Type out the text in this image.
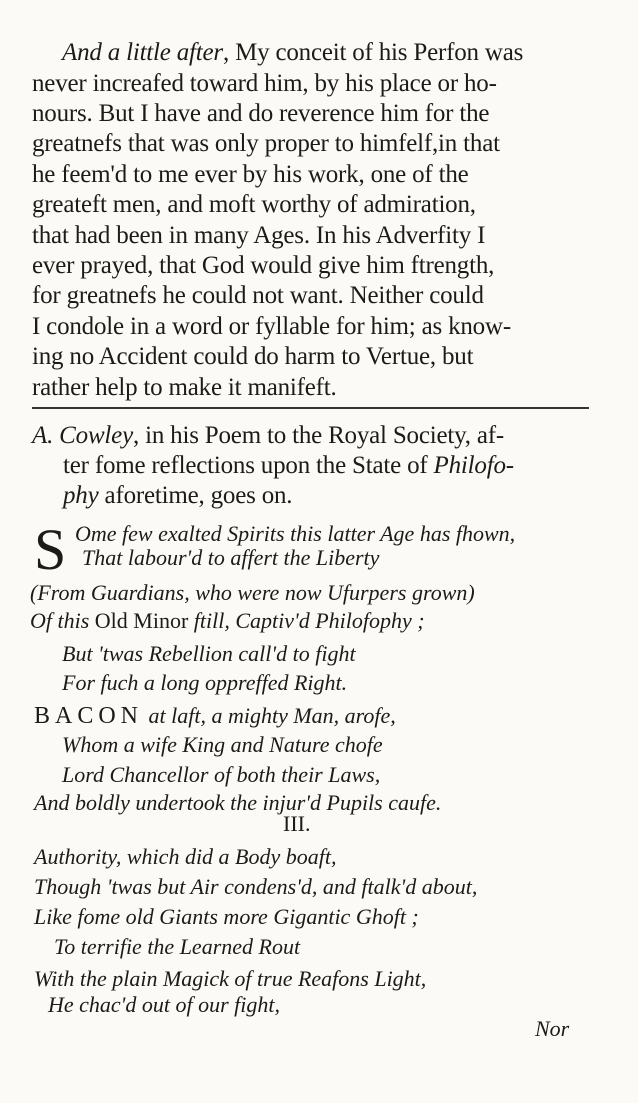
And a little after, My conceit of his Perfon was
never increafed toward him, by his place or ho-
nours. But I have and do reverence him for the
greatnefs that was only proper to himfelf,in that
he feem'd to me ever by his work, one of the
greateft men, and moft worthy of admiration,
that had been in many Ages. In his Adverfity I
ever prayed, that God would give him ftrength,
for greatnefs he could not want. Neither could
I condole in a word or fyllable for him; as know-
ing no Accident could do harm to Vertue, but
rather help to make it manifeft.
A. Cowley, in his Poem to the Royal Society, af-
ter fome reflections upon the State of Philofo-
phy aforetime, goes on.
S Ome few exalted Spirits this latter Age has fhown,
That labour'd to affert the Liberty
(From Guardians, who were now Ufurpers grown)
Of this Old Minor ftill, Captiv'd Philofophy ;
But 'twas Rebellion call'd to fight
For fuch a long oppreffed Right.
BACON at laft, a mighty Man, arofe,
Whom a wife King and Nature chofe
Lord Chancellor of both their Laws,
And boldly undertook the injur'd Pupils caufe.
III.
Authority, which did a Body boaft,
Though 'twas but Air condens'd, and ftalk'd about,
Like fome old Giants more Gigantic Ghoft ;
To terrifie the Learned Rout
With the plain Magick of true Reafons Light,
He chac'd out of our fight,
Nor
